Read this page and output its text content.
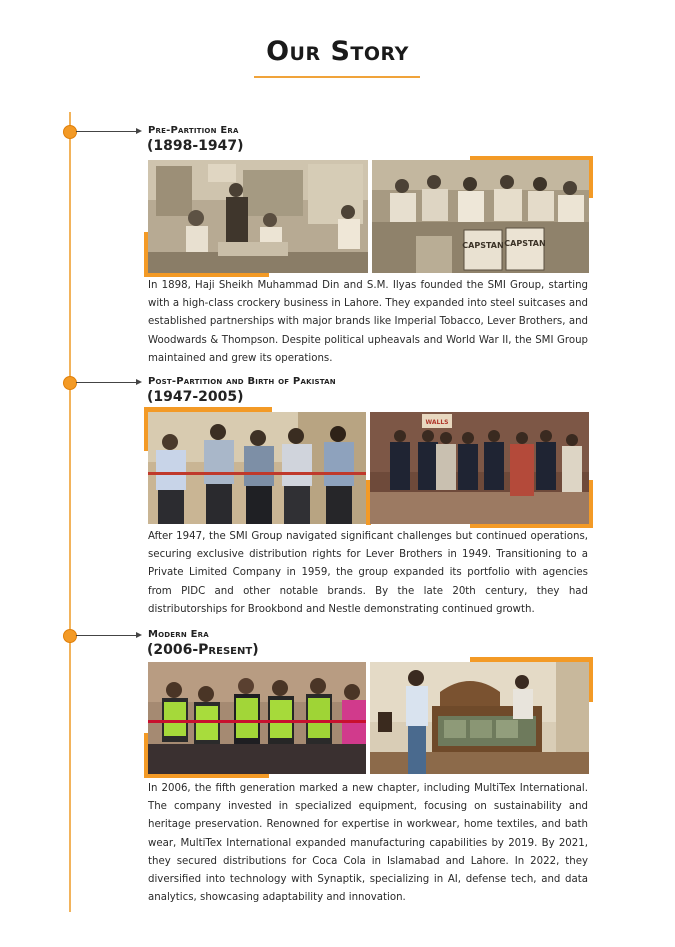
Our Story
Pre-Partition Era
(1898-1947)
CAPSTAN CAPSTAN
In 1898, Haji Sheikh Muhammad Din and S.M. Ilyas founded the SMI Group, starting with a high-class crockery business in Lahore. They expanded into steel suitcases and established partnerships with major brands like Imperial Tobacco, Lever Brothers, and Woodwards & Thompson. Despite political upheavals and World War II, the SMI Group maintained and grew its operations.
Post-Partition and Birth of Pakistan
(1947-2005)
WALLS
After 1947, the SMI Group navigated significant challenges but continued operations, securing exclusive distribution rights for Lever Brothers in 1949. Transitioning to a Private Limited Company in 1959, the group expanded its portfolio with agencies from PIDC and other notable brands. By the late 20th century, they had distributorships for Brookbond and Nestle demonstrating continued growth.
Modern Era
(2006-Present)
In 2006, the fifth generation marked a new chapter, including MultiTex International. The company invested in specialized equipment, focusing on sustainability and heritage preservation. Renowned for expertise in workwear, home textiles, and bath wear, MultiTex International expanded manufacturing capabilities by 2019. By 2021, they secured distributions for Coca Cola in Islamabad and Lahore. In 2022, they diversified into technology with Synaptik, specializing in AI, defense tech, and data analytics, showcasing adaptability and innovation.
